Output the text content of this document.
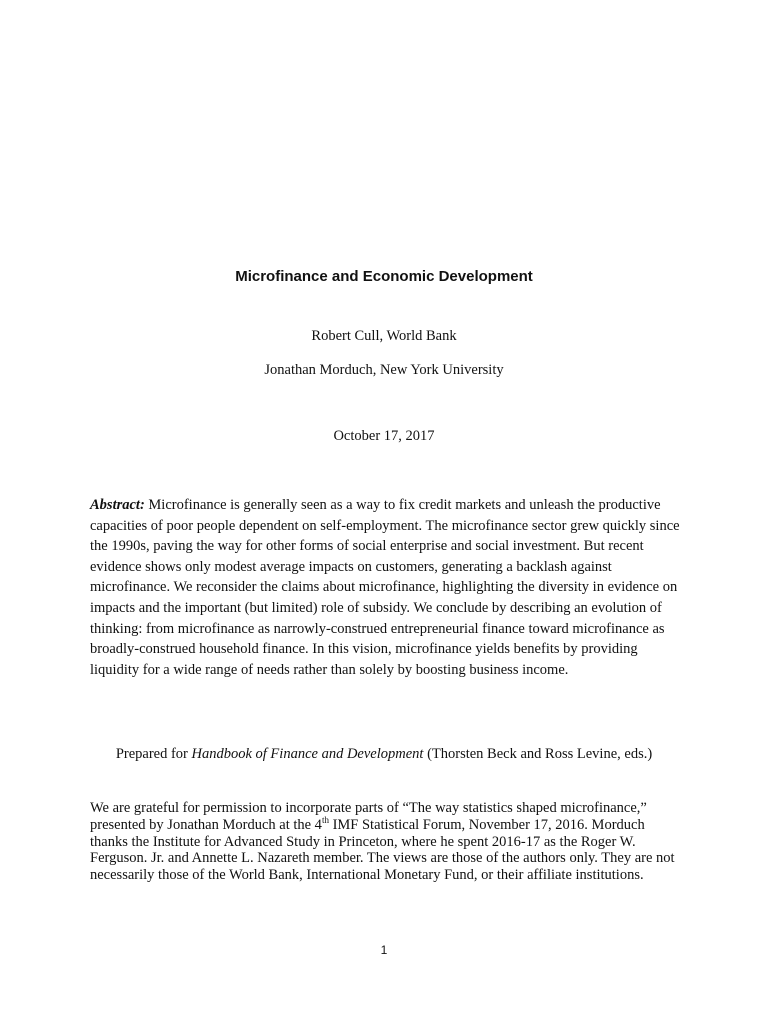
Microfinance and Economic Development
Robert Cull, World Bank
Jonathan Morduch, New York University
October 17, 2017
Abstract: Microfinance is generally seen as a way to fix credit markets and unleash the productive capacities of poor people dependent on self-employment. The microfinance sector grew quickly since the 1990s, paving the way for other forms of social enterprise and social investment. But recent evidence shows only modest average impacts on customers, generating a backlash against microfinance. We reconsider the claims about microfinance, highlighting the diversity in evidence on impacts and the important (but limited) role of subsidy. We conclude by describing an evolution of thinking: from microfinance as narrowly-construed entrepreneurial finance toward microfinance as broadly-construed household finance. In this vision, microfinance yields benefits by providing liquidity for a wide range of needs rather than solely by boosting business income.
Prepared for Handbook of Finance and Development (Thorsten Beck and Ross Levine, eds.)
We are grateful for permission to incorporate parts of “The way statistics shaped microfinance,” presented by Jonathan Morduch at the 4th IMF Statistical Forum, November 17, 2016. Morduch thanks the Institute for Advanced Study in Princeton, where he spent 2016-17 as the Roger W. Ferguson. Jr. and Annette L. Nazareth member. The views are those of the authors only. They are not necessarily those of the World Bank, International Monetary Fund, or their affiliate institutions.
1
